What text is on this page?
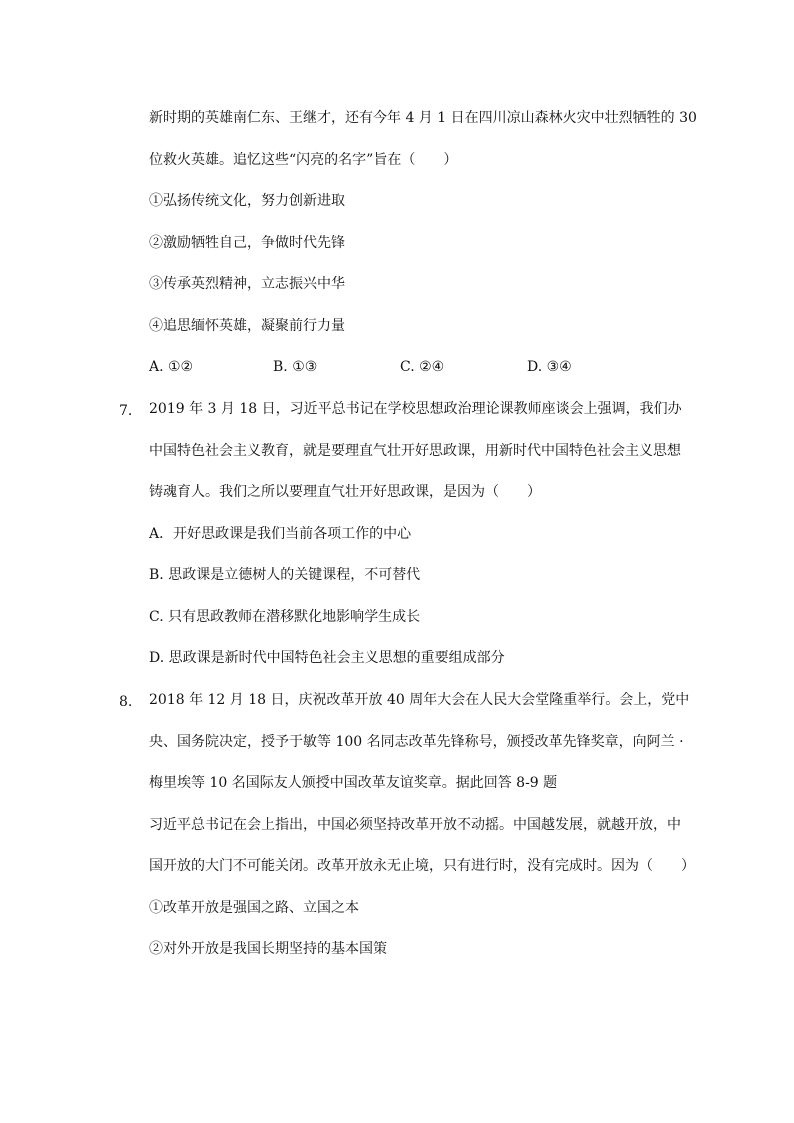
新时期的英雄南仁东、王继才，还有今年 4 月 1 日在四川凉山森林火灾中壮烈牺牲的 30
位救火英雄。追忆这些“闪亮的名字”旨在（　　）
①弘扬传统文化，努力创新进取
②激励牺牲自己，争做时代先锋
③传承英烈精神，立志振兴中华
④追思缅怀英雄，凝聚前行力量
A. ①②	B. ①③	C. ②④	D. ③④
7. 2019 年 3 月 18 日，习近平总书记在学校思想政治理论课教师座谈会上强调，我们办
中国特色社会主义教育，就是要理直气壮开好思政课，用新时代中国特色社会主义思想
铸魂育人。我们之所以要理直气壮开好思政课，是因为（　　）
A．开好思政课是我们当前各项工作的中心
B. 思政课是立德树人的关键课程，不可替代
C. 只有思政教师在潜移默化地影响学生成长
D. 思政课是新时代中国特色社会主义思想的重要组成部分
8. 2018 年 12 月 18 日，庆祝改革开放 40 周年大会在人民大会堂隆重举行。会上，党中
央、国务院决定，授予于敏等 100 名同志改革先锋称号，颁授改革先锋奖章，向阿兰 ·
梅里埃等 10 名国际友人颁授中国改革友谊奖章。据此回答 8-9 题
习近平总书记在会上指出，中国必须坚持改革开放不动摇。中国越发展，就越开放，中
国开放的大门不可能关闭。改革开放永无止境，只有进行时，没有完成时。因为（　　）
①改革开放是强国之路、立国之本
②对外开放是我国长期坚持的基本国策
